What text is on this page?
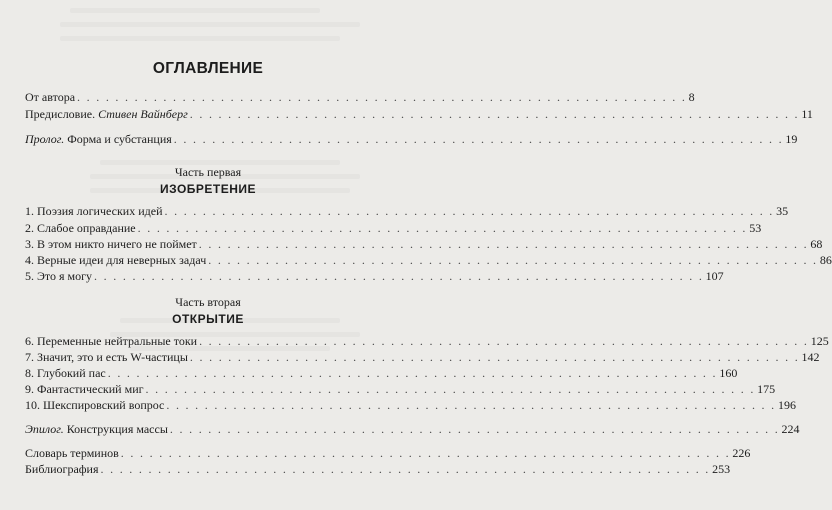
ОГЛАВЛЕНИЕ
От автора . . . . . . . . . . . . . . . . . . . . . . . . . . . . . . . . . . . . . . . . . . . . . . . . . . . . . . . . . . . . . . . . 8
Предисловие. Стивен Вайнберг . . . . . . . . . . . . . . . . . . . . . . . . . . . . . . . . . . . . . . . . . . . . . . . . . . . . . . . . . . . . . . . . 11
Пролог. Форма и субстанция . . . . . . . . . . . . . . . . . . . . . . . . . . . . . . . . . . . . . . . . . . . . . . . . . . . . . . . . . . . . . . . . 19
Часть первая
ИЗОБРЕТЕНИЕ
1. Поэзия логических идей . . . . . . . . . . . . . . . . . . . . . . . . . . . . . . . . . . . . . . . . . . . . . . . . . . . . . . . . . . . . . . . . 35
2. Слабое оправдание . . . . . . . . . . . . . . . . . . . . . . . . . . . . . . . . . . . . . . . . . . . . . . . . . . . . . . . . . . . . . . . . 53
3. В этом никто ничего не поймет . . . . . . . . . . . . . . . . . . . . . . . . . . . . . . . . . . . . . . . . . . . . . . . . . . . . . . . . . . . . . . . . 68
4. Верные идеи для неверных задач . . . . . . . . . . . . . . . . . . . . . . . . . . . . . . . . . . . . . . . . . . . . . . . . . . . . . . . . . . . . . . . . 86
5. Это я могу . . . . . . . . . . . . . . . . . . . . . . . . . . . . . . . . . . . . . . . . . . . . . . . . . . . . . . . . . . . . . . . . 107
Часть вторая
ОТКРЫТИЕ
6. Переменные нейтральные токи . . . . . . . . . . . . . . . . . . . . . . . . . . . . . . . . . . . . . . . . . . . . . . . . . . . . . . . . . . . . . . . . 125
7. Значит, это и есть W-частицы . . . . . . . . . . . . . . . . . . . . . . . . . . . . . . . . . . . . . . . . . . . . . . . . . . . . . . . . . . . . . . . . 142
8. Глубокий пас . . . . . . . . . . . . . . . . . . . . . . . . . . . . . . . . . . . . . . . . . . . . . . . . . . . . . . . . . . . . . . . . 160
9. Фантастический миг . . . . . . . . . . . . . . . . . . . . . . . . . . . . . . . . . . . . . . . . . . . . . . . . . . . . . . . . . . . . . . . . 175
10. Шекспировский вопрос . . . . . . . . . . . . . . . . . . . . . . . . . . . . . . . . . . . . . . . . . . . . . . . . . . . . . . . . . . . . . . . . 196
Эпилог. Конструкция массы . . . . . . . . . . . . . . . . . . . . . . . . . . . . . . . . . . . . . . . . . . . . . . . . . . . . . . . . . . . . . . . . 224
Словарь терминов . . . . . . . . . . . . . . . . . . . . . . . . . . . . . . . . . . . . . . . . . . . . . . . . . . . . . . . . . . . . . . . . 226
Библиография . . . . . . . . . . . . . . . . . . . . . . . . . . . . . . . . . . . . . . . . . . . . . . . . . . . . . . . . . . . . . . . . 253
